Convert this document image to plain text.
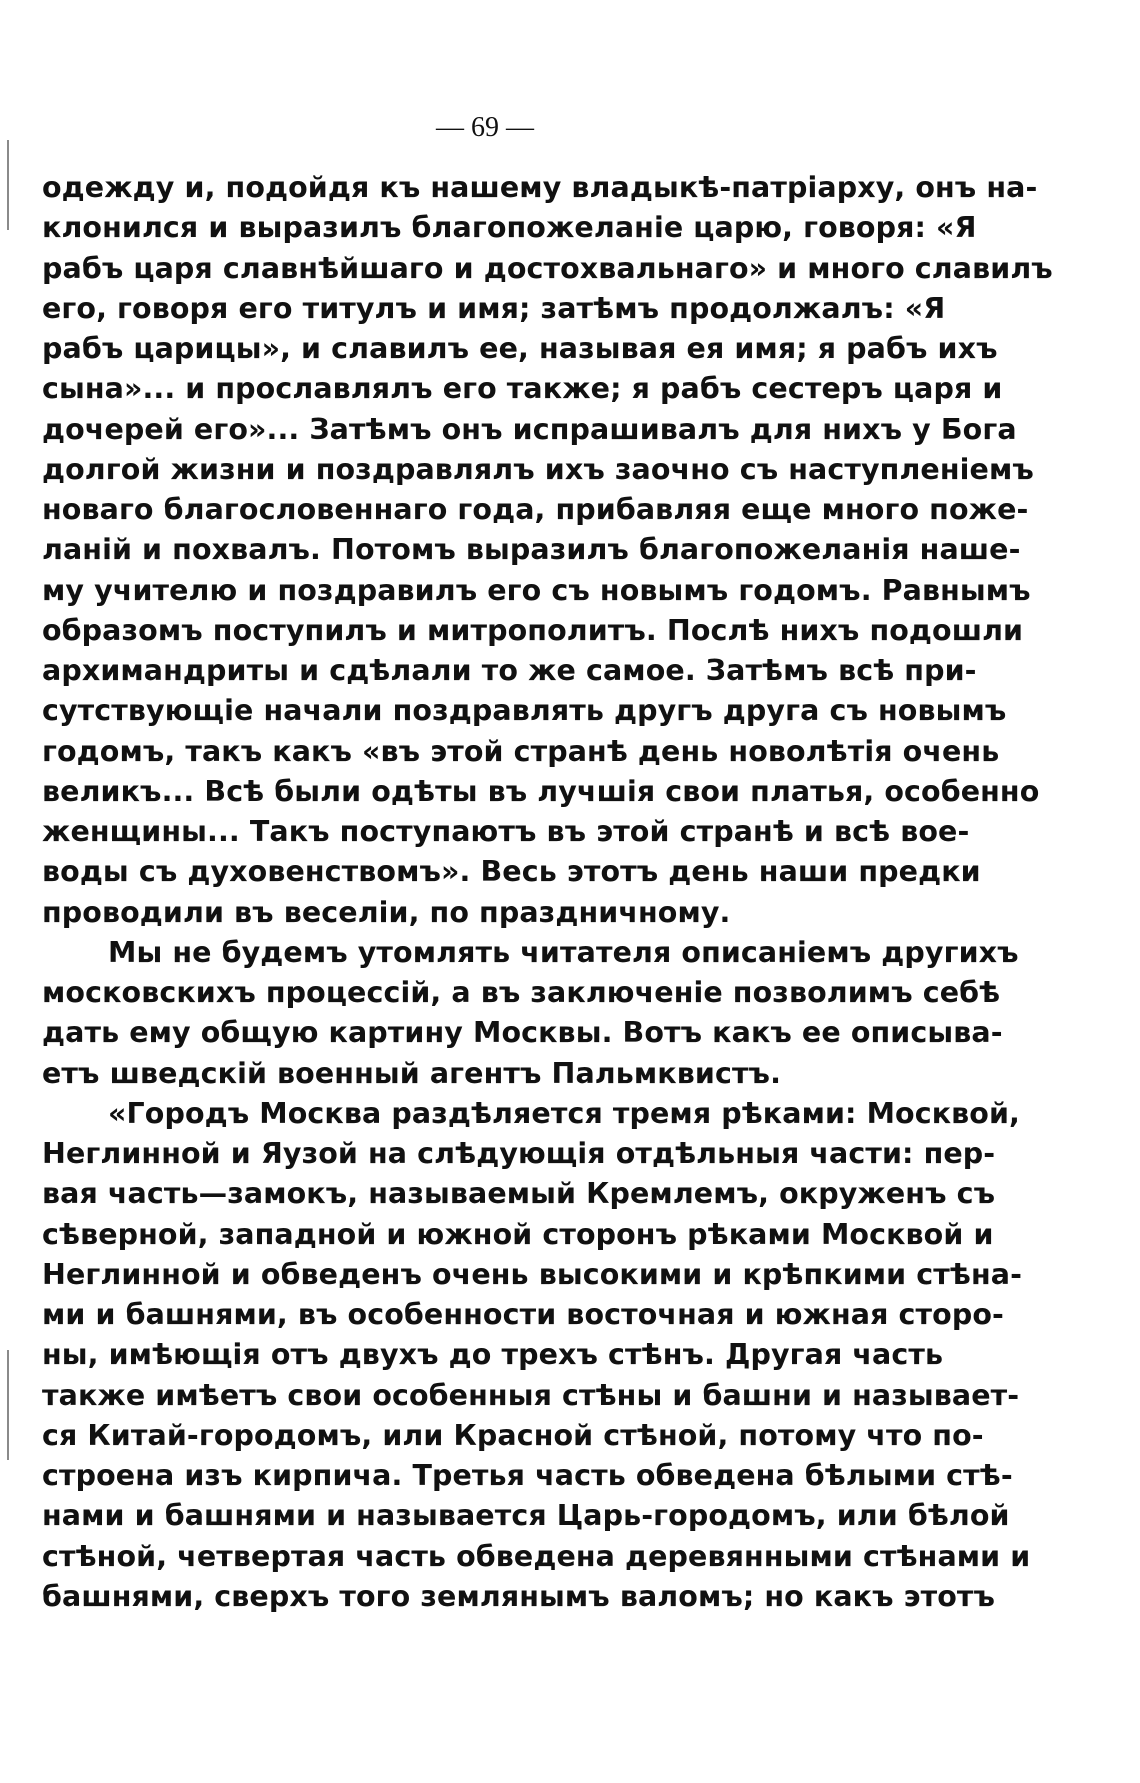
— 69 —
одежду и, подойдя къ нашему владыкѣ-патріарху, онъ на-
клонился и выразилъ благопожеланіе царю, говоря: «Я
рабъ царя славнѣйшаго и достохвальнаго» и много славилъ
его, говоря его титулъ и имя; затѣмъ продолжалъ: «Я
рабъ царицы», и славилъ ее, называя ея имя; я рабъ ихъ
сына»... и прославлялъ его также; я рабъ сестеръ царя и
дочерей его»... Затѣмъ онъ испрашивалъ для нихъ у Бога
долгой жизни и поздравлялъ ихъ заочно съ наступленіемъ
новаго благословеннаго года, прибавляя еще много поже-
ланій и похвалъ. Потомъ выразилъ благопожеланія наше-
му учителю и поздравилъ его съ новымъ годомъ. Равнымъ
образомъ поступилъ и митрополитъ. Послѣ нихъ подошли
архимандриты и сдѣлали то же самое. Затѣмъ всѣ при-
сутствующіе начали поздравлять другъ друга съ новымъ
годомъ, такъ какъ «въ этой странѣ день новолѣтія очень
великъ... Всѣ были одѣты въ лучшія свои платья, особенно
женщины... Такъ поступаютъ въ этой странѣ и всѣ вое-
воды съ духовенствомъ». Весь этотъ день наши предки
проводили въ веселіи, по праздничному.
Мы не будемъ утомлять читателя описаніемъ другихъ
московскихъ процессій, а въ заключеніе позволимъ себѣ
дать ему общую картину Москвы. Вотъ какъ ее описыва-
етъ шведскій военный агентъ Пальмквистъ.
«Городъ Москва раздѣляется тремя рѣками: Москвой,
Неглинной и Яузой на слѣдующія отдѣльныя части: пер-
вая часть—замокъ, называемый Кремлемъ, окруженъ съ
сѣверной, западной и южной сторонъ рѣками Москвой и
Неглинной и обведенъ очень высокими и крѣпкими стѣна-
ми и башнями, въ особенности восточная и южная сторо-
ны, имѣющія отъ двухъ до трехъ стѣнъ. Другая часть
также имѣетъ свои особенныя стѣны и башни и называет-
ся Китай-городомъ, или Красной стѣной, потому что по-
строена изъ кирпича. Третья часть обведена бѣлыми стѣ-
нами и башнями и называется Царь-городомъ, или бѣлой
стѣной, четвертая часть обведена деревянными стѣнами и
башнями, сверхъ того землянымъ валомъ; но какъ этотъ
